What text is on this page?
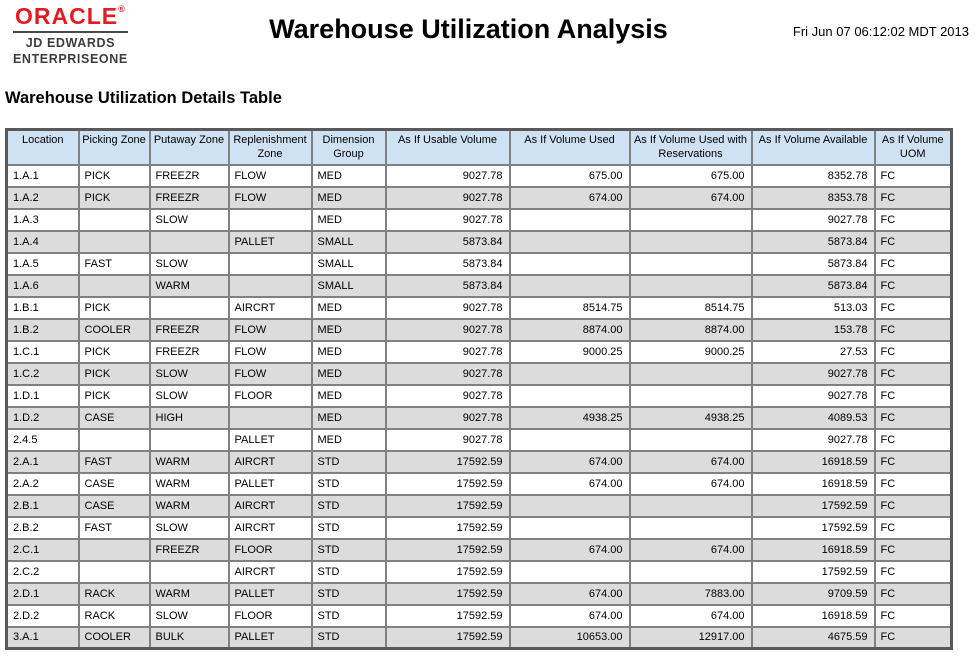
ORACLE®
JD EDWARDS
ENTERPRISEONE
Warehouse Utilization Analysis	Fri Jun 07 06:12:02 MDT 2013
Warehouse Utilization Details Table
Location	Picking Zone	Putaway Zone	Replenishment Zone	Dimension Group	As If Usable Volume	As If Volume Used	As If Volume Used with Reservations	As If Volume Available	As If Volume UOM
1.A.1	PICK	FREEZR	FLOW	MED	9027.78	675.00	675.00	8352.78	FC
1.A.2	PICK	FREEZR	FLOW	MED	9027.78	674.00	674.00	8353.78	FC
1.A.3		SLOW		MED	9027.78			9027.78	FC
1.A.4			PALLET	SMALL	5873.84			5873.84	FC
1.A.5	FAST	SLOW		SMALL	5873.84			5873.84	FC
1.A.6		WARM		SMALL	5873.84			5873.84	FC
1.B.1	PICK		AIRCRT	MED	9027.78	8514.75	8514.75	513.03	FC
1.B.2	COOLER	FREEZR	FLOW	MED	9027.78	8874.00	8874.00	153.78	FC
1.C.1	PICK	FREEZR	FLOW	MED	9027.78	9000.25	9000.25	27.53	FC
1.C.2	PICK	SLOW	FLOW	MED	9027.78			9027.78	FC
1.D.1	PICK	SLOW	FLOOR	MED	9027.78			9027.78	FC
1.D.2	CASE	HIGH		MED	9027.78	4938.25	4938.25	4089.53	FC
2.4.5			PALLET	MED	9027.78			9027.78	FC
2.A.1	FAST	WARM	AIRCRT	STD	17592.59	674.00	674.00	16918.59	FC
2.A.2	CASE	WARM	PALLET	STD	17592.59	674.00	674.00	16918.59	FC
2.B.1	CASE	WARM	AIRCRT	STD	17592.59			17592.59	FC
2.B.2	FAST	SLOW	AIRCRT	STD	17592.59			17592.59	FC
2.C.1		FREEZR	FLOOR	STD	17592.59	674.00	674.00	16918.59	FC
2.C.2			AIRCRT	STD	17592.59			17592.59	FC
2.D.1	RACK	WARM	PALLET	STD	17592.59	674.00	7883.00	9709.59	FC
2.D.2	RACK	SLOW	FLOOR	STD	17592.59	674.00	674.00	16918.59	FC
3.A.1	COOLER	BULK	PALLET	STD	17592.59	10653.00	12917.00	4675.59	FC
